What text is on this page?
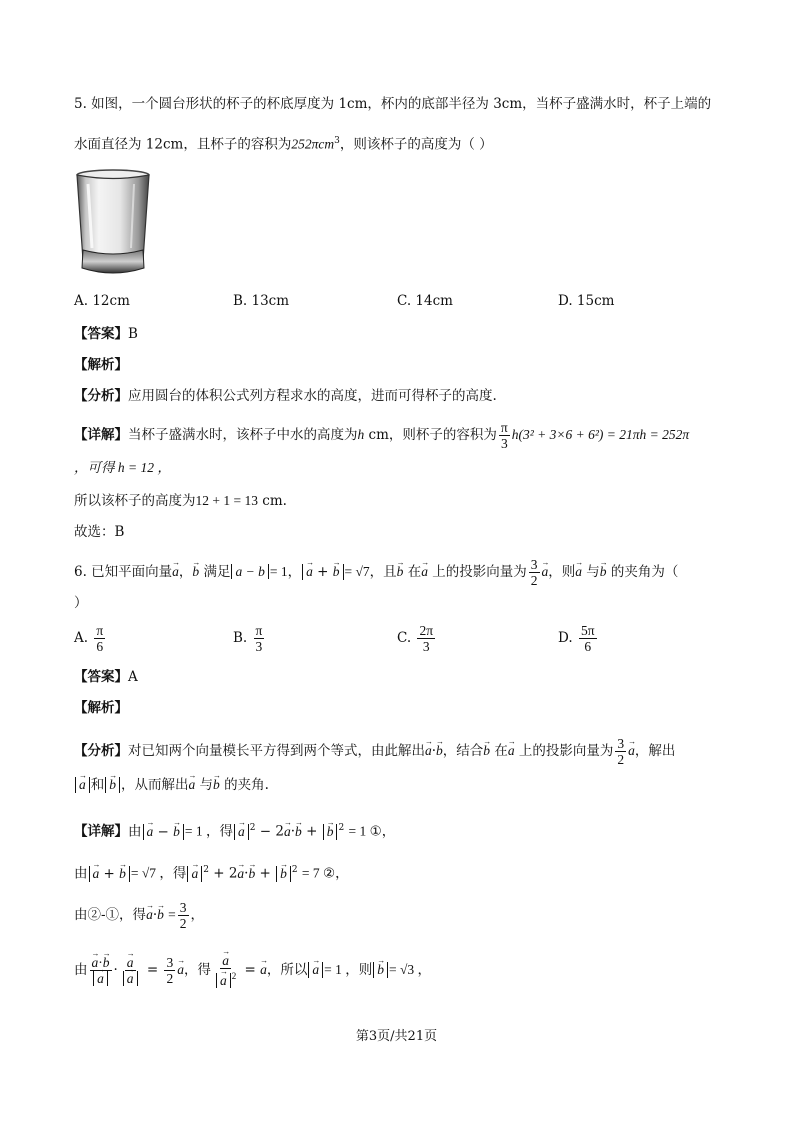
5. 如图，一个圆台形状的杯子的杯底厚度为 1cm，杯内的底部半径为 3cm，当杯子盛满水时，杯子上端的
水面直径为 12cm，且杯子的容积为252πcm$^3$，则该杯子的高度为（ ）
A. 12cm	B. 13cm	C. 14cm	D. 15cm
【答案】B
【解析】
【分析】应用圆台的体积公式列方程求水的高度，进而可得杯子的高度.
【详解】当杯子盛满水时，该杯子中水的高度为h cm，则杯子的容积为 $\frac{\pi}{3} h(3^2 + 3\times 6 + 6^2) = 21\pi h = 252\pi$
，可得 h = 12 ，
所以该杯子的高度为12 + 1 = 13 cm.
故选：B
6. 已知平面向量→ a，→ b 满足 a − b = 1，→ a + → b = √7，且→ b 在→ a 上的投影向量为 $\frac{3}{2}$
→ a，则→ a 与→ b 的夹角为（
）
A. $\frac{\pi}{6}$	B. $\frac{\pi}{3}$	C. $\frac{2\pi}{3}$	D. $\frac{5\pi}{6}$
【答案】A
【解析】
【分析】对已知两个向量模长平方得到两个等式，由此解出→ a·→ b，结合→ b 在→ a 上的投影向量为 $\frac{3}{2}$
→ a，解出
→ a 和→ b ，从而解出→ a 与→ b 的夹角.
【详解】由→ a − → b = 1 ，得→ a $^2$ − 2→ a·→ b + → b $^2$ = 1 ①，
由→ a + → b = √7 ，得→ a $^2$ + 2→ a·→ b + → b $^2$ = 7 ②，
由②-①，得→ $a\cdot\to b = \frac{3}{2}$ ，
由
→ a·→ b
→ a ·
→ a
→ $a = \frac{3}{2}$
→ a，得
→ a
→ a $^2$ = → a，所以→ a = 1 ，则→ b = √3 ，
第3页/共21页
